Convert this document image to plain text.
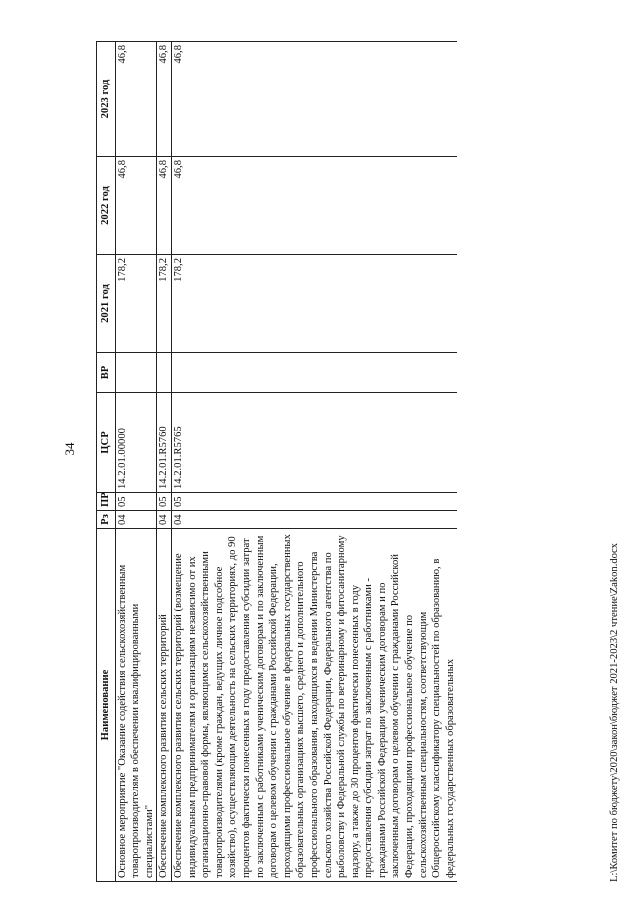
34
Наименование	Рз	ПР	ЦСР	ВР	2021 год	2022 год	2023 год
Основное мероприятие "Оказание содействия сельскохозяйственным товаропроизводителям в обеспечении квалифицированными специалистами"	04	05	14.2.01.00000		178,2	46,8	46,8
Обеспечение комплексного развития сельских территорий	04	05	14.2.01.R5760		178,2	46,8	46,8
Обеспечение комплексного развития сельских территорий (возмещение индивидуальным предпринимателям и организациям независимо от их организационно-правовой формы, являющимся сельскохозяйственными товаропроизводителями (кроме граждан, ведущих личное подсобное хозяйство), осуществляющим деятельность на сельских территориях, до 90 процентов фактически понесенных в году предоставления субсидии затрат по заключенным с работниками ученическим договорам и по заключенным договорам о целевом обучении с гражданами Российской Федерации, проходящими профессиональное обучение в федеральных государственных образовательных организациях высшего, среднего и дополнительного профессионального образования, находящихся в ведении Министерства сельского хозяйства Российской Федерации, Федерального агентства по рыболовству и Федеральной службы по ветеринарному и фитосанитарному надзору, а также до 30 процентов фактически понесенных в году предоставления субсидии затрат по заключенным с работниками - гражданами Российской Федерации ученическим договорам и по заключенным договорам о целевом обучении с гражданами Российской Федерации, проходящими профессиональное обучение по сельскохозяйственным специальностям, соответствующим Общероссийскому классификатору специальностей по образованию, в федеральных государственных образовательных	04	05	14.2.01.R5765		178,2	46,8	46,8
L:\Комитет по бюджету\2020\закон\бюджет 2021-2023\2 чтение\Zakon.docx
